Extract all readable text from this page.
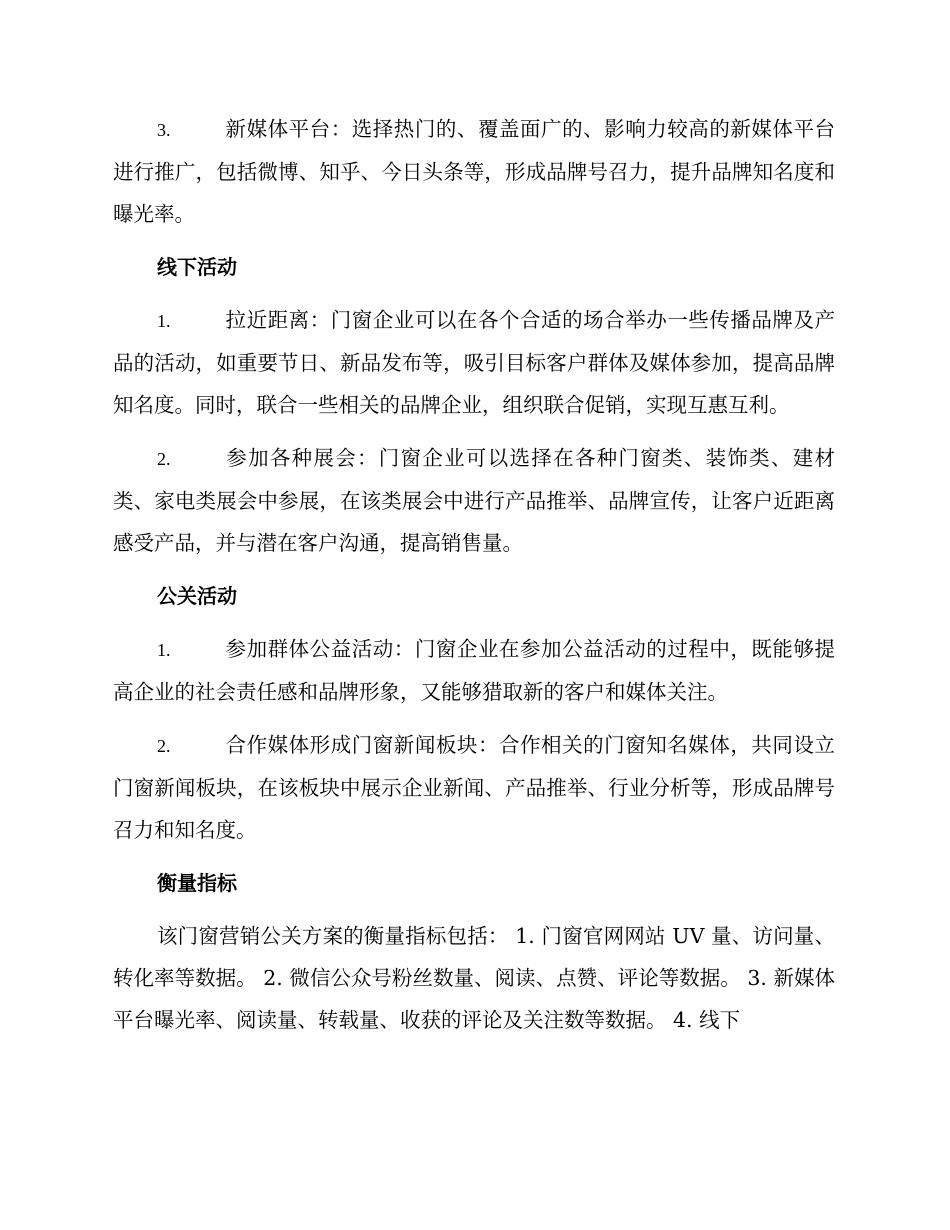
3.	新媒体平台：选择热门的、覆盖面广的、影响力较高的新媒体平台进行推广，包括微博、知乎、今日头条等，形成品牌号召力，提升品牌知名度和曝光率。

线下活动

1.	拉近距离：门窗企业可以在各个合适的场合举办一些传播品牌及产品的活动，如重要节日、新品发布等，吸引目标客户群体及媒体参加，提高品牌知名度。同时，联合一些相关的品牌企业，组织联合促销，实现互惠互利。

2.	参加各种展会：门窗企业可以选择在各种门窗类、装饰类、建材类、家电类展会中参展，在该类展会中进行产品推举、品牌宣传，让客户近距离感受产品，并与潜在客户沟通，提高销售量。

公关活动

1.	参加群体公益活动：门窗企业在参加公益活动的过程中，既能够提高企业的社会责任感和品牌形象，又能够猎取新的客户和媒体关注。

2.	合作媒体形成门窗新闻板块：合作相关的门窗知名媒体，共同设立门窗新闻板块，在该板块中展示企业新闻、产品推举、行业分析等，形成品牌号召力和知名度。

衡量指标

该门窗营销公关方案的衡量指标包括： 1. 门窗官网网站 UV 量、访问量、转化率等数据。 2. 微信公众号粉丝数量、阅读、点赞、评论等数据。 3. 新媒体平台曝光率、阅读量、转载量、收获的评论及关注数等数据。 4. 线下
